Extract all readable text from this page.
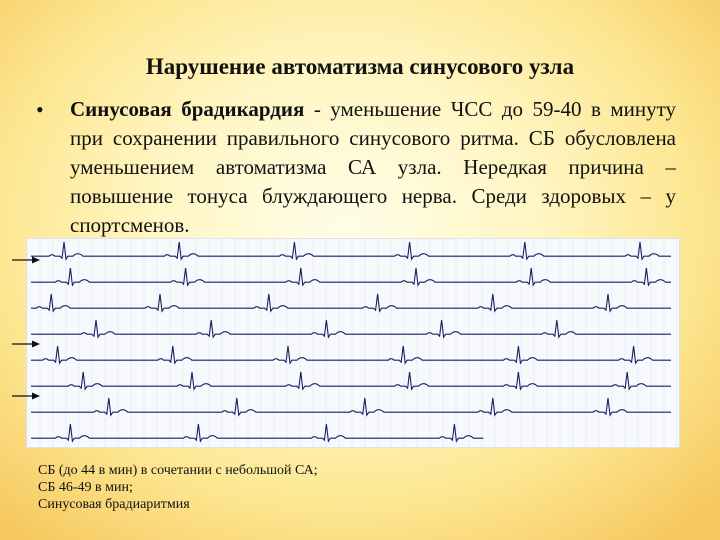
Нарушение автоматизма синусового узла
• Синусовая брадикардия - уменьшение ЧСС до 59-40 в минуту при сохранении правильного синусового ритма. СБ обусловлена уменьшением автоматизма СА узла. Нередкая причина – повышение тонуса блуждающего нерва. Среди здоровых – у спортсменов.
СБ (до 44 в мин) в сочетании с небольшой СА;
СБ 46-49 в мин;
Синусовая брадиаритмия
